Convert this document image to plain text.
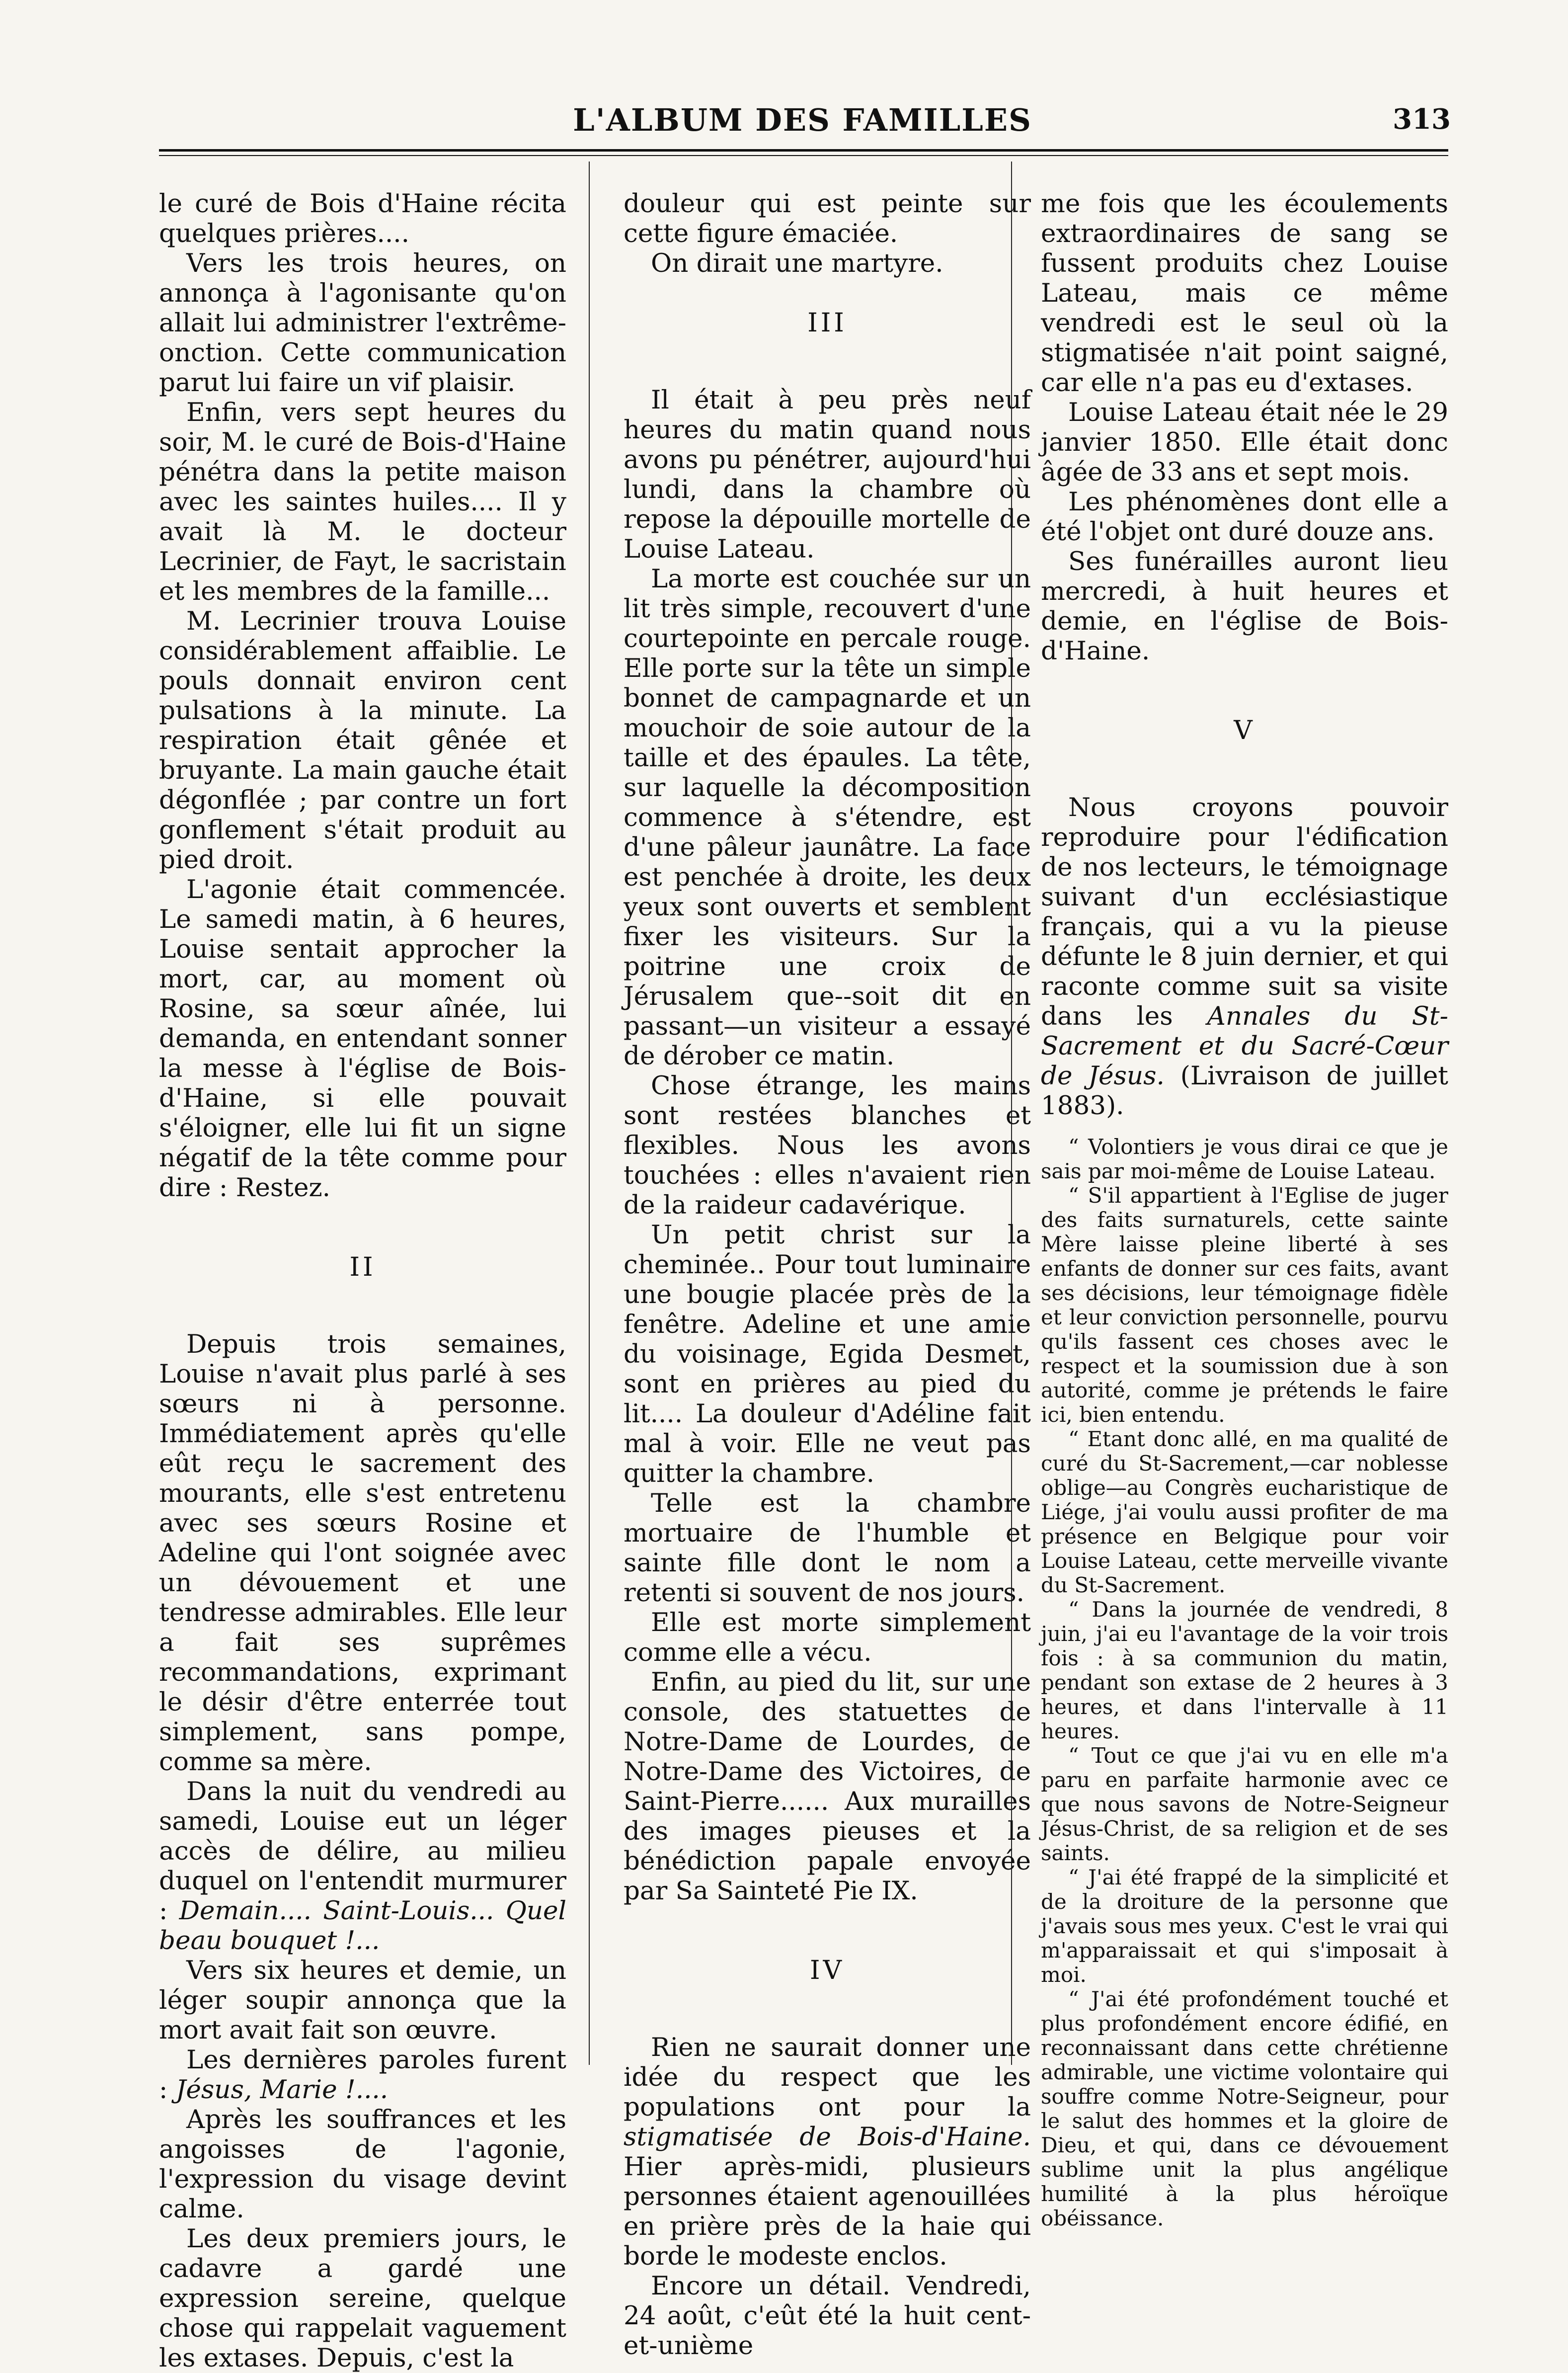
L'ALBUM DES FAMILLES	313

le curé de Bois d'Haine récita quelques prières....

Vers les trois heures, on annonça à l'agonisante qu'on allait lui administrer l'extrême-onction. Cette communication parut lui faire un vif plaisir.

Enfin, vers sept heures du soir, M. le curé de Bois-d'Haine pénétra dans la petite maison avec les saintes huiles.... Il y avait là M. le docteur Lecrinier, de Fayt, le sacristain et les membres de la famille...

M. Lecrinier trouva Louise considérablement affaiblie. Le pouls donnait environ cent pulsations à la minute. La respiration était gênée et bruyante. La main gauche était dégonflée ; par contre un fort gonflement s'était produit au pied droit.

L'agonie était commencée. Le samedi matin, à 6 heures, Louise sentait approcher la mort, car, au moment où Rosine, sa sœur aînée, lui demanda, en entendant sonner la messe à l'église de Bois-d'Haine, si elle pouvait s'éloigner, elle lui fit un signe négatif de la tête comme pour dire : Restez.

II

Depuis trois semaines, Louise n'avait plus parlé à ses sœurs ni à personne. Immédiatement après qu'elle eût reçu le sacrement des mourants, elle s'est entretenu avec ses sœurs Rosine et Adeline qui l'ont soignée avec un dévouement et une tendresse admirables. Elle leur a fait ses suprêmes recommandations, exprimant le désir d'être enterrée tout simplement, sans pompe, comme sa mère.

Dans la nuit du vendredi au samedi, Louise eut un léger accès de délire, au milieu duquel on l'entendit murmurer : Demain.... Saint-Louis... Quel beau bouquet !...

Vers six heures et demie, un léger soupir annonça que la mort avait fait son œuvre.

Les dernières paroles furent : Jésus, Marie !....

Après les souffrances et les angoisses de l'agonie, l'expression du visage devint calme.

Les deux premiers jours, le cadavre a gardé une expression sereine, quelque chose qui rappelait vaguement les extases. Depuis, c'est la

douleur qui est peinte sur cette figure émaciée.

On dirait une martyre.

III

Il était à peu près neuf heures du matin quand nous avons pu pénétrer, aujourd'hui lundi, dans la chambre où repose la dépouille mortelle de Louise Lateau.

La morte est couchée sur un lit très simple, recouvert d'une courtepointe en percale rouge. Elle porte sur la tête un simple bonnet de campagnarde et un mouchoir de soie autour de la taille et des épaules. La tête, sur laquelle la décomposition commence à s'étendre, est d'une pâleur jaunâtre. La face est penchée à droite, les deux yeux sont ouverts et semblent fixer les visiteurs. Sur la poitrine une croix de Jérusalem que--soit dit en passant—un visiteur a essayé de dérober ce matin.

Chose étrange, les mains sont restées blanches et flexibles. Nous les avons touchées : elles n'avaient rien de la raideur cadavérique.

Un petit christ sur la cheminée.. Pour tout luminaire une bougie placée près de la fenêtre. Adeline et une amie du voisinage, Egida Desmet, sont en prières au pied du lit.... La douleur d'Adéline fait mal à voir. Elle ne veut pas quitter la chambre.

Telle est la chambre mortuaire de l'humble et sainte fille dont le nom a retenti si souvent de nos jours.

Elle est morte simplement comme elle a vécu.

Enfin, au pied du lit, sur une console, des statuettes de Notre-Dame de Lourdes, de Notre-Dame des Victoires, de Saint-Pierre...... Aux murailles des images pieuses et la bénédiction papale envoyée par Sa Sainteté Pie IX.

IV

Rien ne saurait donner une idée du respect que les populations ont pour la stigmatisée de Bois-d'Haine. Hier après-midi, plusieurs personnes étaient agenouillées en prière près de la haie qui borde le modeste enclos.

Encore un détail. Vendredi, 24 août, c'eût été la huit cent-et-unième

me fois que les écoulements extraordinaires de sang se fussent produits chez Louise Lateau, mais ce même vendredi est le seul où la stigmatisée n'ait point saigné, car elle n'a pas eu d'extases.

Louise Lateau était née le 29 janvier 1850. Elle était donc âgée de 33 ans et sept mois.

Les phénomènes dont elle a été l'objet ont duré douze ans.

Ses funérailles auront lieu mercredi, à huit heures et demie, en l'église de Bois-d'Haine.

V

Nous croyons pouvoir reproduire pour l'édification de nos lecteurs, le témoignage suivant d'un ecclésiastique français, qui a vu la pieuse défunte le 8 juin dernier, et qui raconte comme suit sa visite dans les Annales du St-Sacrement et du Sacré-Cœur de Jésus. (Livraison de juillet 1883).

“ Volontiers je vous dirai ce que je sais par moi-même de Louise Lateau.

“ S'il appartient à l'Eglise de juger des faits surnaturels, cette sainte Mère laisse pleine liberté à ses enfants de donner sur ces faits, avant ses décisions, leur témoignage fidèle et leur conviction personnelle, pourvu qu'ils fassent ces choses avec le respect et la soumission due à son autorité, comme je prétends le faire ici, bien entendu.

“ Etant donc allé, en ma qualité de curé du St-Sacrement,—car noblesse oblige—au Congrès eucharistique de Liége, j'ai voulu aussi profiter de ma présence en Belgique pour voir Louise Lateau, cette merveille vivante du St-Sacrement.

“ Dans la journée de vendredi, 8 juin, j'ai eu l'avantage de la voir trois fois : à sa communion du matin, pendant son extase de 2 heures à 3 heures, et dans l'intervalle à 11 heures.

“ Tout ce que j'ai vu en elle m'a paru en parfaite harmonie avec ce que nous savons de Notre-Seigneur Jésus-Christ, de sa religion et de ses saints.

“ J'ai été frappé de la simplicité et de la droiture de la personne que j'avais sous mes yeux. C'est le vrai qui m'apparaissait et qui s'imposait à moi.

“ J'ai été profondément touché et plus profondément encore édifié, en reconnaissant dans cette chrétienne admirable, une victime volontaire qui souffre comme Notre-Seigneur, pour le salut des hommes et la gloire de Dieu, et qui, dans ce dévouement sublime unit la plus angélique humilité à la plus héroïque obéissance.
